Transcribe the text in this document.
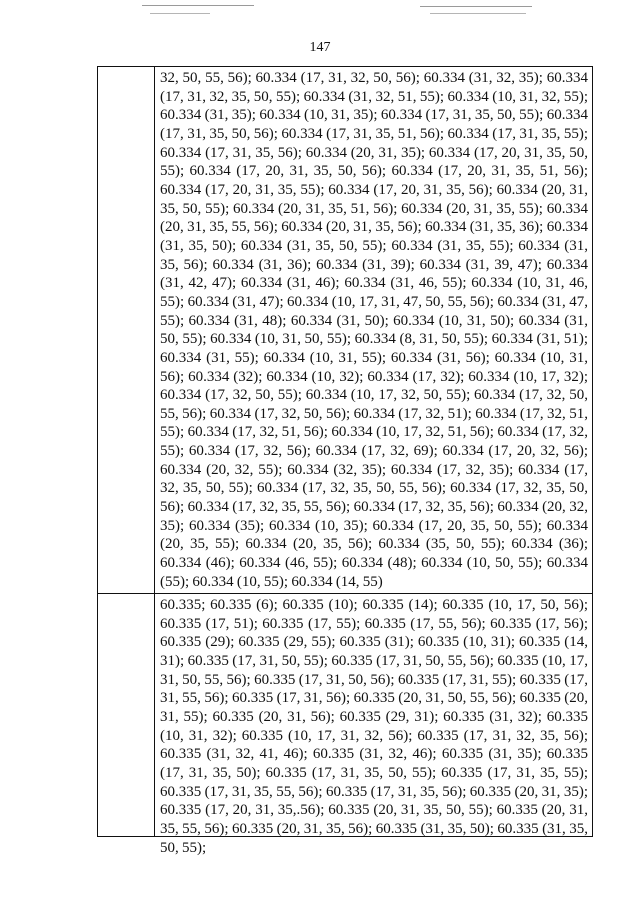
147

	32, 50, 55, 56); 60.334 (17, 31, 32, 50, 56); 60.334 (31, 32, 35); 60.334 (17, 31, 32, 35, 50, 55); 60.334 (31, 32, 51, 55); 60.334 (10, 31, 32, 55); 60.334 (31, 35); 60.334 (10, 31, 35); 60.334 (17, 31, 35, 50, 55); 60.334 (17, 31, 35, 50, 56); 60.334 (17, 31, 35, 51, 56); 60.334 (17, 31, 35, 55); 60.334 (17, 31, 35, 56); 60.334 (20, 31, 35); 60.334 (17, 20, 31, 35, 50, 55); 60.334 (17, 20, 31, 35, 50, 56); 60.334 (17, 20, 31, 35, 51, 56); 60.334 (17, 20, 31, 35, 55); 60.334 (17, 20, 31, 35, 56); 60.334 (20, 31, 35, 50, 55); 60.334 (20, 31, 35, 51, 56); 60.334 (20, 31, 35, 55); 60.334 (20, 31, 35, 55, 56); 60.334 (20, 31, 35, 56); 60.334 (31, 35, 36); 60.334 (31, 35, 50); 60.334 (31, 35, 50, 55); 60.334 (31, 35, 55); 60.334 (31, 35, 56); 60.334 (31, 36); 60.334 (31, 39); 60.334 (31, 39, 47); 60.334 (31, 42, 47); 60.334 (31, 46); 60.334 (31, 46, 55); 60.334 (10, 31, 46, 55); 60.334 (31, 47); 60.334 (10, 17, 31, 47, 50, 55, 56); 60.334 (31, 47, 55); 60.334 (31, 48); 60.334 (31, 50); 60.334 (10, 31, 50); 60.334 (31, 50, 55); 60.334 (10, 31, 50, 55); 60.334 (8, 31, 50, 55); 60.334 (31, 51); 60.334 (31, 55); 60.334 (10, 31, 55); 60.334 (31, 56); 60.334 (10, 31, 56); 60.334 (32); 60.334 (10, 32); 60.334 (17, 32); 60.334 (10, 17, 32); 60.334 (17, 32, 50, 55); 60.334 (10, 17, 32, 50, 55); 60.334 (17, 32, 50, 55, 56); 60.334 (17, 32, 50, 56); 60.334 (17, 32, 51); 60.334 (17, 32, 51, 55); 60.334 (17, 32, 51, 56); 60.334 (10, 17, 32, 51, 56); 60.334 (17, 32, 55); 60.334 (17, 32, 56); 60.334 (17, 32, 69); 60.334 (17, 20, 32, 56); 60.334 (20, 32, 55); 60.334 (32, 35); 60.334 (17, 32, 35); 60.334 (17, 32, 35, 50, 55); 60.334 (17, 32, 35, 50, 55, 56); 60.334 (17, 32, 35, 50, 56); 60.334 (17, 32, 35, 55, 56); 60.334 (17, 32, 35, 56); 60.334 (20, 32, 35); 60.334 (35); 60.334 (10, 35); 60.334 (17, 20, 35, 50, 55); 60.334 (20, 35, 55); 60.334 (20, 35, 56); 60.334 (35, 50, 55); 60.334 (36); 60.334 (46); 60.334 (46, 55); 60.334 (48); 60.334 (10, 50, 55); 60.334 (55); 60.334 (10, 55); 60.334 (14, 55)

	60.335; 60.335 (6); 60.335 (10); 60.335 (14); 60.335 (10, 17, 50, 56); 60.335 (17, 51); 60.335 (17, 55); 60.335 (17, 55, 56); 60.335 (17, 56); 60.335 (29); 60.335 (29, 55); 60.335 (31); 60.335 (10, 31); 60.335 (14, 31); 60.335 (17, 31, 50, 55); 60.335 (17, 31, 50, 55, 56); 60.335 (10, 17, 31, 50, 55, 56); 60.335 (17, 31, 50, 56); 60.335 (17, 31, 55); 60.335 (17, 31, 55, 56); 60.335 (17, 31, 56); 60.335 (20, 31, 50, 55, 56); 60.335 (20, 31, 55); 60.335 (20, 31, 56); 60.335 (29, 31); 60.335 (31, 32); 60.335 (10, 31, 32); 60.335 (10, 17, 31, 32, 56); 60.335 (17, 31, 32, 35, 56); 60.335 (31, 32, 41, 46); 60.335 (31, 32, 46); 60.335 (31, 35); 60.335 (17, 31, 35, 50); 60.335 (17, 31, 35, 50, 55); 60.335 (17, 31, 35, 55); 60.335 (17, 31, 35, 55, 56); 60.335 (17, 31, 35, 56); 60.335 (20, 31, 35); 60.335 (17, 20, 31, 35,.56); 60.335 (20, 31, 35, 50, 55); 60.335 (20, 31, 35, 55, 56); 60.335 (20, 31, 35, 56); 60.335 (31, 35, 50); 60.335 (31, 35, 50, 55);
